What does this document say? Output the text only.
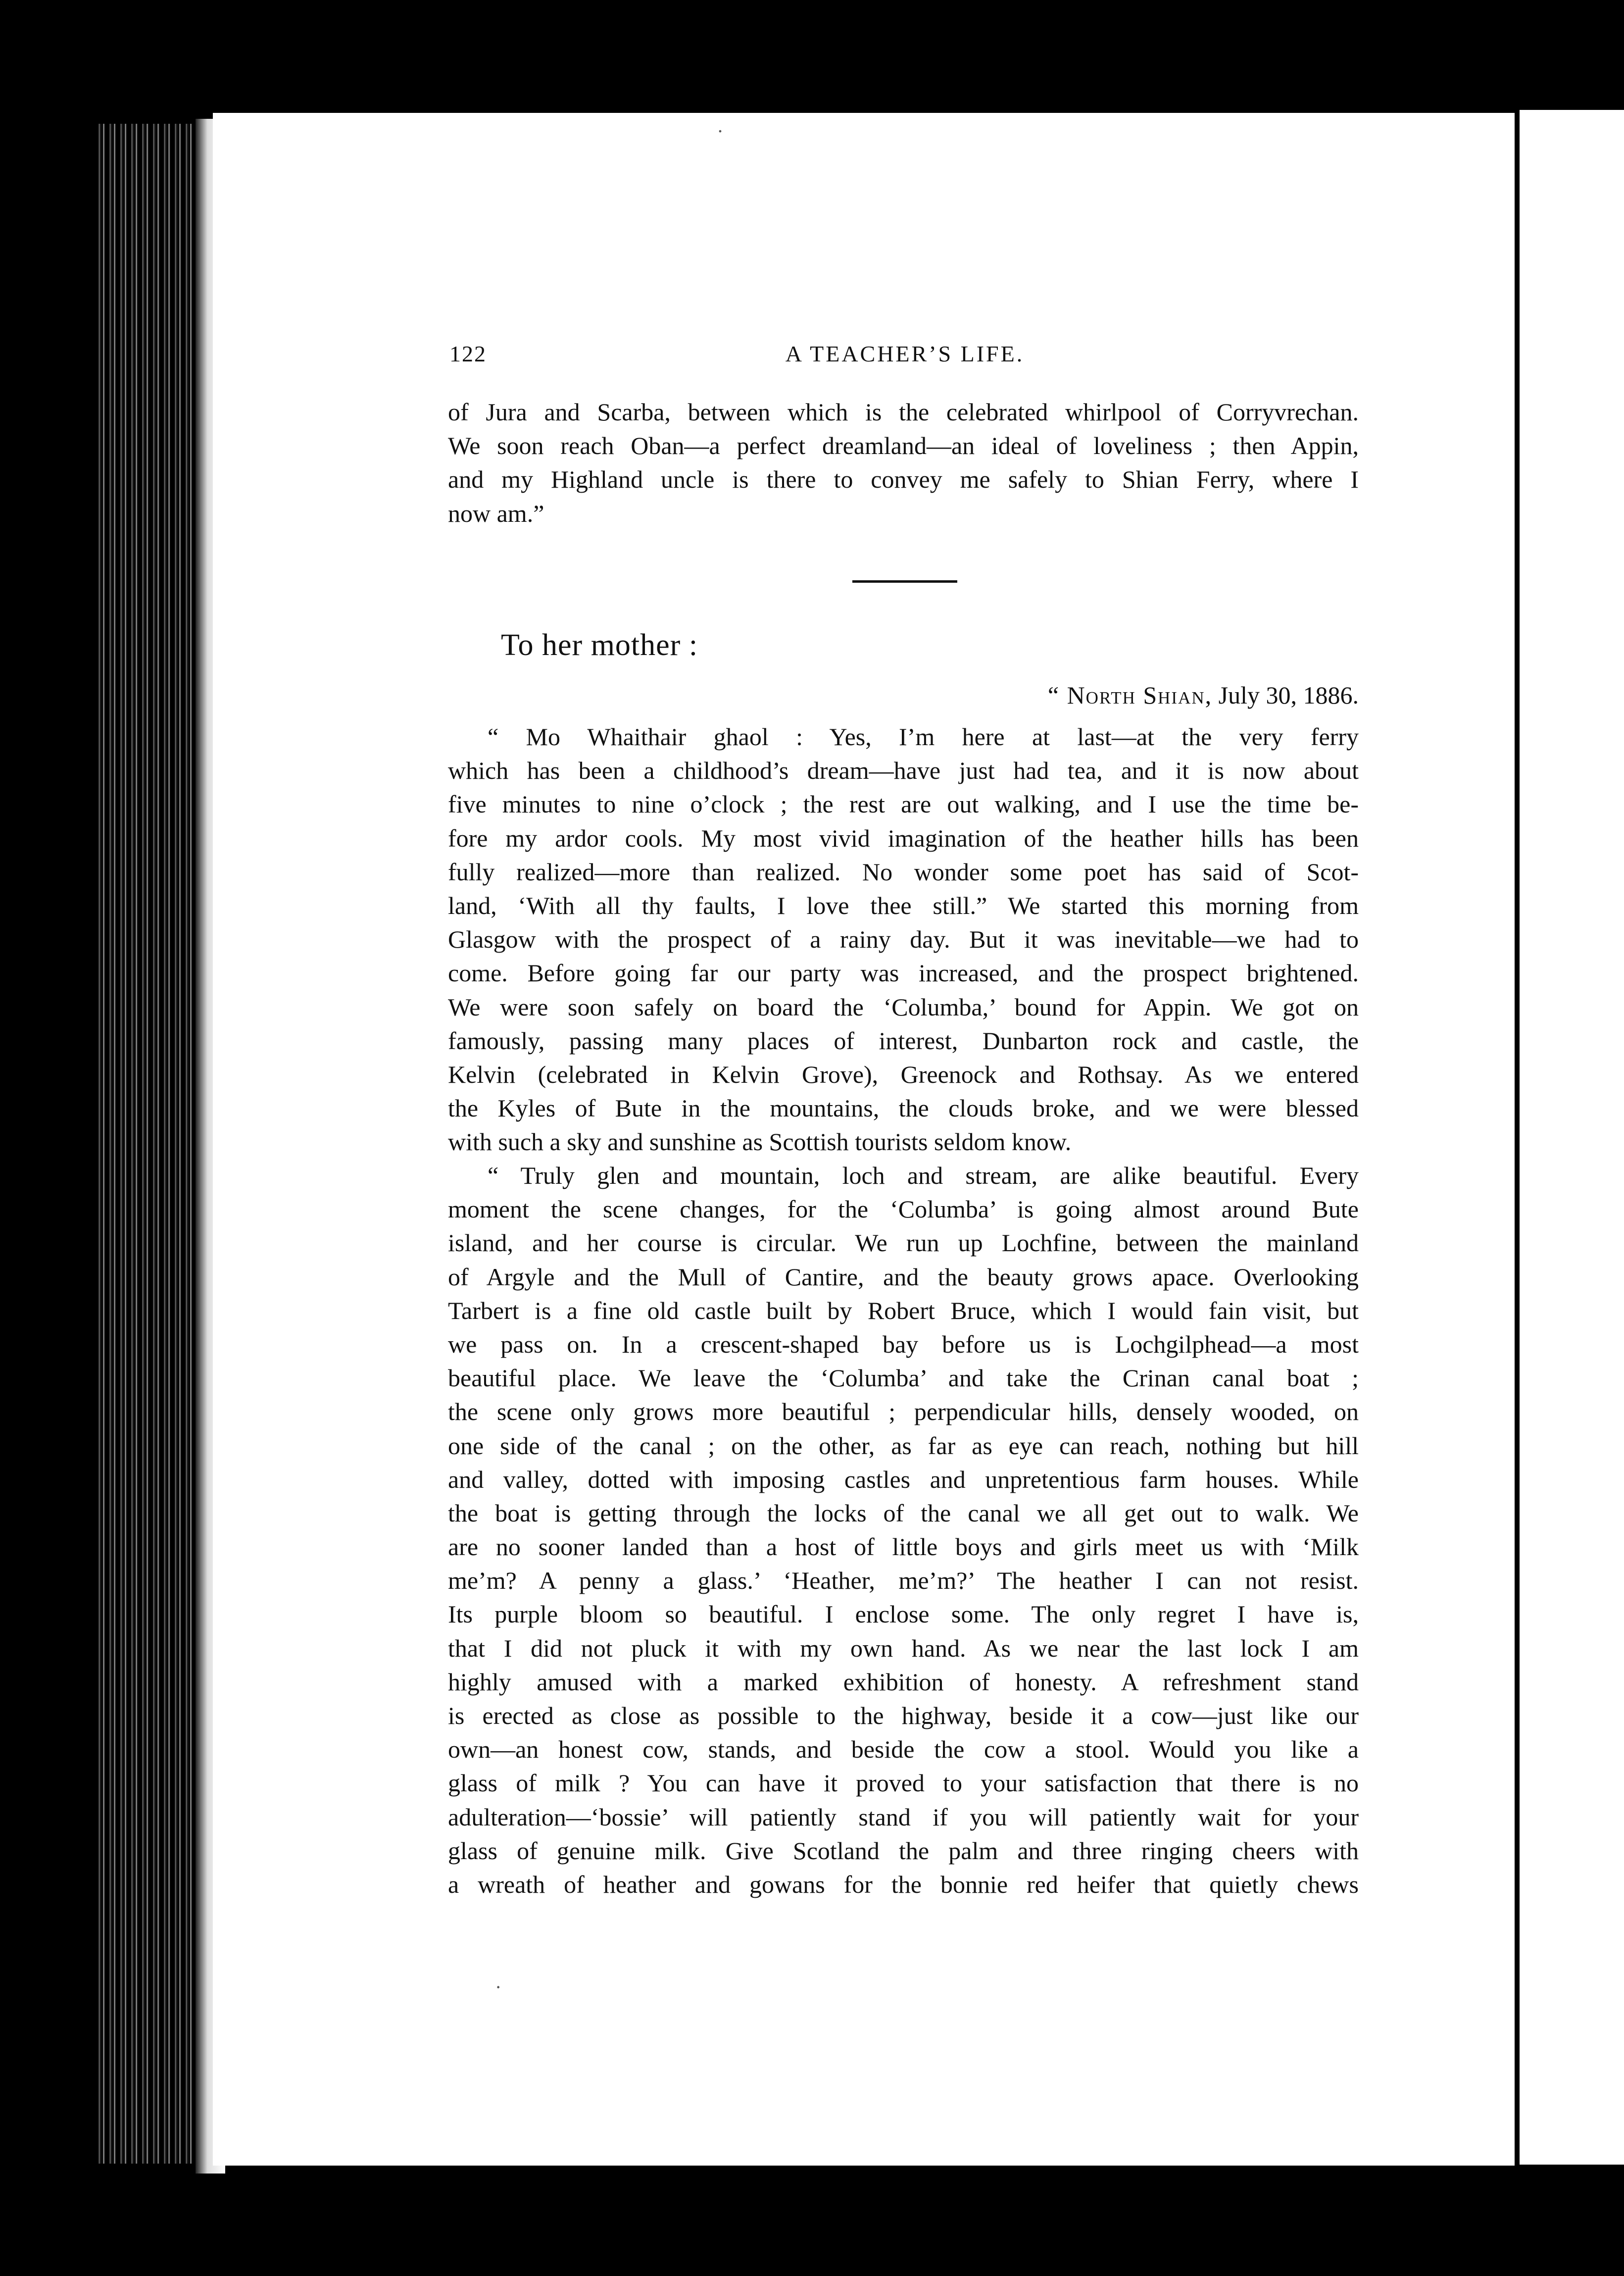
122	A TEACHER’S LIFE.
of Jura and Scarba, between which is the celebrated whirlpool of Corryvrechan.
We soon reach Oban—a perfect dreamland—an ideal of loveliness ; then Appin,
and my Highland uncle is there to convey me safely to Shian Ferry, where I
now am.”
To her mother :
“ North Shian, July 30, 1886.
“ Mo Whaithair ghaol : Yes, I’m here at last—at the very ferry
which has been a childhood’s dream—have just had tea, and it is now about
five minutes to nine o’clock ; the rest are out walking, and I use the time be-
fore my ardor cools. My most vivid imagination of the heather hills has been
fully realized—more than realized. No wonder some poet has said of Scot-
land, ‘With all thy faults, I love thee still.” We started this morning from
Glasgow with the prospect of a rainy day. But it was inevitable—we had to
come. Before going far our party was increased, and the prospect brightened.
We were soon safely on board the ‘Columba,’ bound for Appin. We got on
famously, passing many places of interest, Dunbarton rock and castle, the
Kelvin (celebrated in Kelvin Grove), Greenock and Rothsay. As we entered
the Kyles of Bute in the mountains, the clouds broke, and we were blessed
with such a sky and sunshine as Scottish tourists seldom know.
“ Truly glen and mountain, loch and stream, are alike beautiful. Every
moment the scene changes, for the ‘Columba’ is going almost around Bute
island, and her course is circular. We run up Lochfine, between the mainland
of Argyle and the Mull of Cantire, and the beauty grows apace. Overlooking
Tarbert is a fine old castle built by Robert Bruce, which I would fain visit, but
we pass on. In a crescent-shaped bay before us is Lochgilphead—a most
beautiful place. We leave the ‘Columba’ and take the Crinan canal boat ;
the scene only grows more beautiful ; perpendicular hills, densely wooded, on
one side of the canal ; on the other, as far as eye can reach, nothing but hill
and valley, dotted with imposing castles and unpretentious farm houses. While
the boat is getting through the locks of the canal we all get out to walk. We
are no sooner landed than a host of little boys and girls meet us with ‘Milk
me’m? A penny a glass.’ ‘Heather, me’m?’ The heather I can not resist.
Its purple bloom so beautiful. I enclose some. The only regret I have is,
that I did not pluck it with my own hand. As we near the last lock I am
highly amused with a marked exhibition of honesty. A refreshment stand
is erected as close as possible to the highway, beside it a cow—just like our
own—an honest cow, stands, and beside the cow a stool. Would you like a
glass of milk ? You can have it proved to your satisfaction that there is no
adulteration—‘bossie’ will patiently stand if you will patiently wait for your
glass of genuine milk. Give Scotland the palm and three ringing cheers with
a wreath of heather and gowans for the bonnie red heifer that quietly chews
.
·
